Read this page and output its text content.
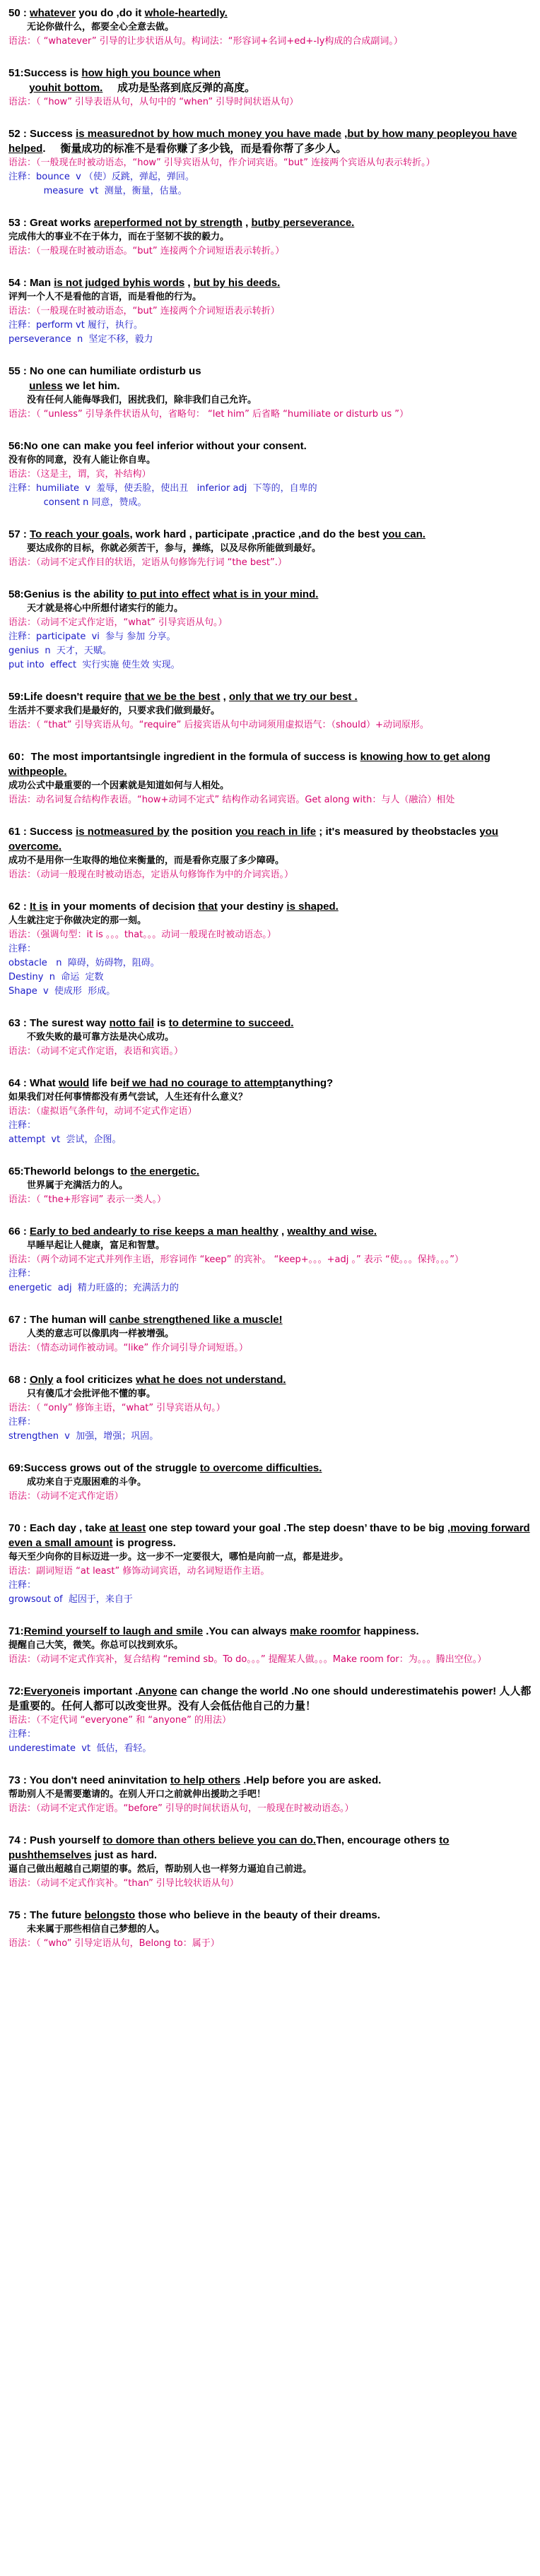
50 : whatever you do ,do it whole-heartedly.

无论你做什么，都要全心全意去做。

语法：（ “whatever” 引导的让步状语从句。构词法：“形容词+名词+ed+-ly构成的合成副词。）

51:Success is how high you bounce when
youhit bottom.     成功是坠落到底反弹的高度。

语法：（ “how” 引导表语从句，从句中的 “when” 引导时间状语从句）

52 : Success is measurednot by how much money you have made ,but by how many peopleyou have helped.     衡量成功的标准不是看你赚了多少钱，而是看你帮了多少人。

语法：（一般现在时被动语态，“how” 引导宾语从句，作介词宾语。“but” 连接两个宾语从句表示转折。）

注释：bounce  v （使）反跳，弹起，弹回。

measure  vt  测量，衡量，估量。

53 : Great works areperformed not by strength , butby perseverance.

完成伟大的事业不在于体力，而在于坚韧不拔的毅力。

语法：（一般现在时被动语态。“but” 连接两个介词短语表示转折。）

54 : Man is not judged byhis words , but by his deeds.

评判一个人不是看他的言语，而是看他的行为。

语法：（一般现在时被动语态，“but” 连接两个介词短语表示转折）

注释：perform vt 履行，执行。

perseverance  n  坚定不移，毅力

55 : No one can humiliate ordisturb us
unless we let him.

没有任何人能侮辱我们，困扰我们，除非我们自己允许。

语法：（ “unless” 引导条件状语从句，省略句： “let him” 后省略 “humiliate or disturb us ”）

56:No one can make you feel inferior without your consent.

没有你的同意，没有人能让你自卑。

语法：（这是主，谓，宾，补结构）

注释：humiliate  v  羞辱，使丢脸，使出丑   inferior adj  下等的，自卑的

consent n 同意，赞成。

57 : To reach your goals, work hard , participate ,practice ,and do the best you can.

要达成你的目标，你就必须苦干，参与，操练，以及尽你所能做到最好。

语法：（动词不定式作目的状语，定语从句修饰先行词 “the best”.）

58:Genius is the ability to put into effect what is in your mind.

天才就是将心中所想付诸实行的能力。

语法：（动词不定式作定语，“what” 引导宾语从句。）

注释：participate  vi  参与 参加 分享。

genius  n  天才，天赋。

put into  effect  实行实施 使生效 实现。

59:Life doesn't require that we be the best , only that we try our best .

生活并不要求我们是最好的，只要求我们做到最好。

语法：（ “that” 引导宾语从句。“require” 后接宾语从句中动词须用虚拟语气：（should）+动词原形。

60：The most importantsingle ingredient in the formula of success is knowing how to get along withpeople.

成功公式中最重要的一个因素就是知道如何与人相处。

语法：动名词复合结构作表语。“how+动词不定式” 结构作动名词宾语。Get along with：与人（融洽）相处

61 : Success is notmeasured by the position you reach in life ; it's measured by theobstacles you overcome.

成功不是用你一生取得的地位来衡量的，而是看你克服了多少障碍。

语法：（动词一般现在时被动语态，定语从句修饰作为中的介词宾语。）

62 : It is in your moments of decision that your destiny is shaped.

人生就注定于你做决定的那一刻。

语法：（强调句型：it is 。。。that。。。动词一般现在时被动语态。）

注释：

obstacle   n  障碍，妨碍物，阻碍。

Destiny  n  命运  定数

Shape  v  使成形  形成。

63 : The surest way notto fail is to determine to succeed.

不致失败的最可靠方法是决心成功。

语法：（动词不定式作定语，表语和宾语。）

64 : What would life beif we had no courage to attemptanything?

如果我们对任何事情都没有勇气尝试，人生还有什么意义？

语法：（虚拟语气条件句，动词不定式作定语）

注释：

attempt  vt  尝试，企图。

65:Theworld belongs to the energetic.

世界属于充满活力的人。

语法：（ “the+形容词” 表示一类人。）

66 : Early to bed andearly to rise keeps a man healthy , wealthy and wise.

早睡早起让人健康，富足和智慧。

语法：（两个动词不定式并列作主语，形容词作 “keep” 的宾补。 “keep+。。。+adj 。” 表示 “使。。。保持。。。”）

注释：

energetic  adj  精力旺盛的；充满活力的

67 : The human will canbe strengthened like a muscle!

人类的意志可以像肌肉一样被增强。

语法：（情态动词作被动词。“like” 作介词引导介词短语。）

68 : Only a fool criticizes what he does not understand.

只有傻瓜才会批评他不懂的事。

语法：（ “only” 修饰主语，“what” 引导宾语从句。）

注释：

strengthen  v  加强，增强；巩固。

69:Success grows out of the struggle to overcome difficulties.

成功来自于克服困难的斗争。

语法：（动词不定式作定语）

70 : Each day , take at least one step toward your goal .The step doesn’ thave to be big ,moving forward even a small amount is progress.

每天至少向你的目标迈进一步。这一步不一定要很大，哪怕是向前一点，都是进步。

语法：副词短语 “at least” 修饰动词宾语，动名词短语作主语。

注释：

growsout of  起因于，来自于

71:Remind yourself to laugh and smile .You can always make roomfor happiness.

提醒自己大笑，微笑。你总可以找到欢乐。

语法：（动词不定式作宾补，复合结构 “remind sb。To do。。。” 提醒某人做。。。Make room for：为。。。腾出空位。）

72:Everyoneis important .Anyone can change the world .No one should underestimatehis power! 人人都是重要的。任何人都可以改变世界。没有人会低估他自己的力量！

语法：（不定代词 “everyone” 和 “anyone” 的用法）

注释：

underestimate  vt  低估，看轻。

73 : You don't need aninvitation to help others .Help before you are asked.

帮助别人不是需要邀请的。在别人开口之前就伸出援助之手吧！

语法：（动词不定式作定语。“before” 引导的时间状语从句，一般现在时被动语态。）

74 : Push yourself to domore than others believe you can do.Then, encourage others to pushthemselves just as hard.

逼自己做出超越自己期望的事。然后，帮助别人也一样努力逼迫自己前进。

语法：（动词不定式作宾补。“than” 引导比较状语从句）

75 : The future belongsto those who believe in the beauty of their dreams.

未来属于那些相信自己梦想的人。

语法：（ “who” 引导定语从句，Belong to：属于）
